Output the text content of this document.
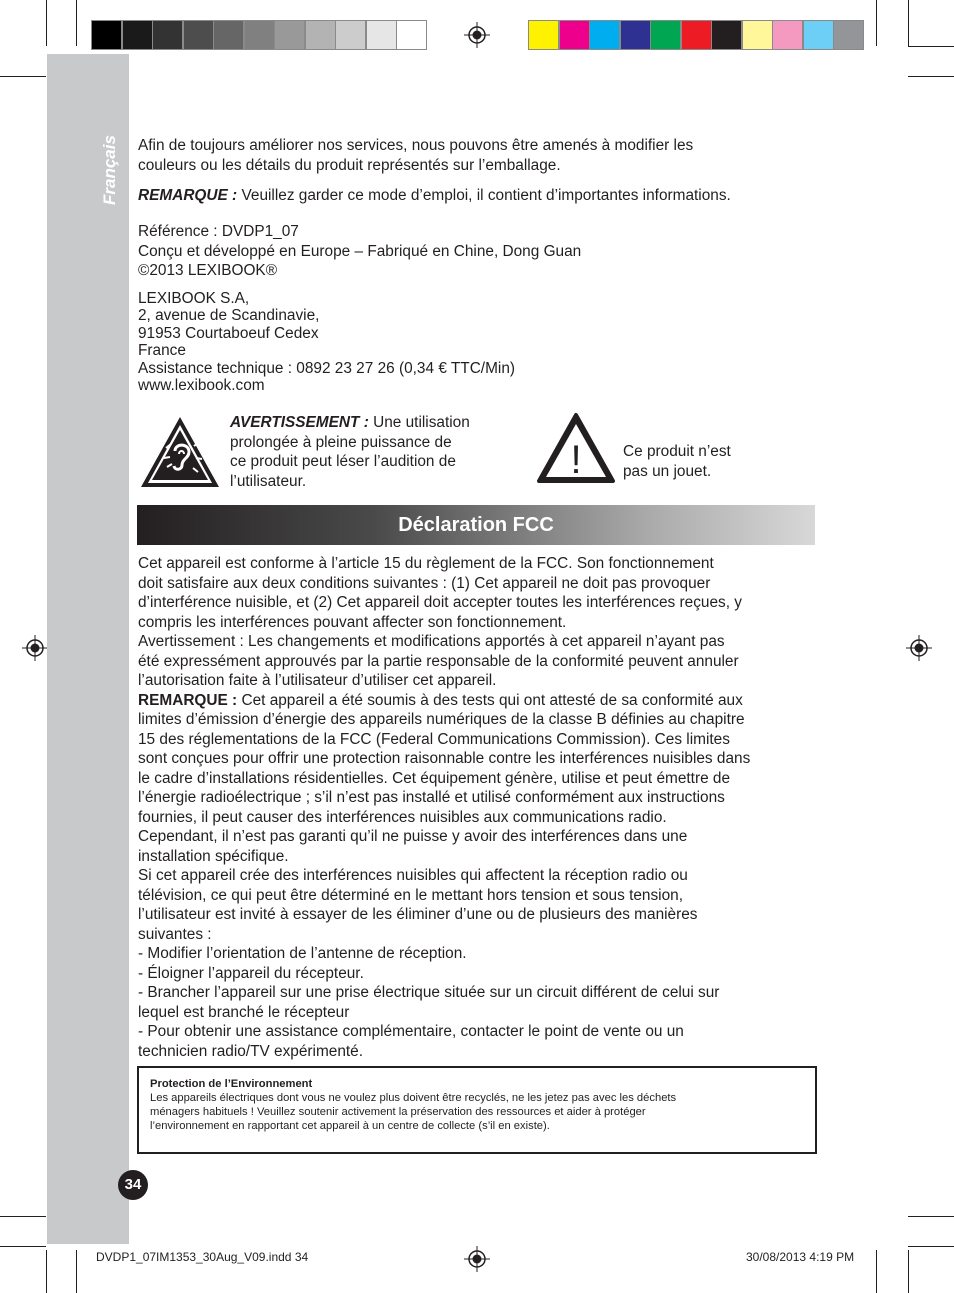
Français Afin de toujours améliorer nos services, nous pouvons être amenés à modifier les

couleurs ou les détails du produit représentés sur l’emballage.

REMARQUE : Veuillez garder ce mode d’emploi, il contient d’importantes informations.

Référence : DVDP1_07

Conçu et développé en Europe – Fabriqué en Chine, Dong Guan

©2013 LEXIBOOK®

LEXIBOOK S.A,

2, avenue de Scandinavie,

91953 Courtaboeuf Cedex

France

Assistance technique : 0892 23 27 26 (0,34 € TTC/Min)

www.lexibook.com

AVERTISSEMENT : Une utilisation

prolongée à pleine puissance de

ce produit peut léser l’audition de

l’utilisateur.	!	Ce produit n’est

pas un jouet.

Déclaration FCC

Cet appareil est conforme à l’article 15 du règlement de la FCC. Son fonctionnement

doit satisfaire aux deux conditions suivantes : (1) Cet appareil ne doit pas provoquer

d’interférence nuisible, et (2) Cet appareil doit accepter toutes les interférences reçues, y

compris les interférences pouvant affecter son fonctionnement.

Avertissement : Les changements et modifications apportés à cet appareil n’ayant pas

été expressément approuvés par la partie responsable de la conformité peuvent annuler

l’autorisation faite à l’utilisateur d’utiliser cet appareil.

REMARQUE : Cet appareil a été soumis à des tests qui ont attesté de sa conformité aux

limites d’émission d’énergie des appareils numériques de la classe B définies au chapitre

15 des réglementations de la FCC (Federal Communications Commission). Ces limites

sont conçues pour offrir une protection raisonnable contre les interférences nuisibles dans

le cadre d’installations résidentielles. Cet équipement génère, utilise et peut émettre de

l’énergie radioélectrique ; s’il n’est pas installé et utilisé conformément aux instructions

fournies, il peut causer des interférences nuisibles aux communications radio.

Cependant, il n’est pas garanti qu’il ne puisse y avoir des interférences dans une

installation spécifique.

Si cet appareil crée des interférences nuisibles qui affectent la réception radio ou

télévision, ce qui peut être déterminé en le mettant hors tension et sous tension,

l’utilisateur est invité à essayer de les éliminer d’une ou de plusieurs des manières

suivantes :

- Modifier l’orientation de l’antenne de réception.

- Éloigner l’appareil du récepteur.

- Brancher l’appareil sur une prise électrique située sur un circuit différent de celui sur

lequel est branché le récepteur

- Pour obtenir une assistance complémentaire, contacter le point de vente ou un

technicien radio/TV expérimenté.

Protection de l’Environnement

Les appareils électriques dont vous ne voulez plus doivent être recyclés, ne les jetez pas avec les déchets

ménagers habituels ! Veuillez soutenir activement la préservation des ressources et aider à protéger

l’environnement en rapportant cet appareil à un centre de collecte (s’il en existe).

34
DVDP1_07IM1353_30Aug_V09.indd 34	30/08/2013 4:19 PM
